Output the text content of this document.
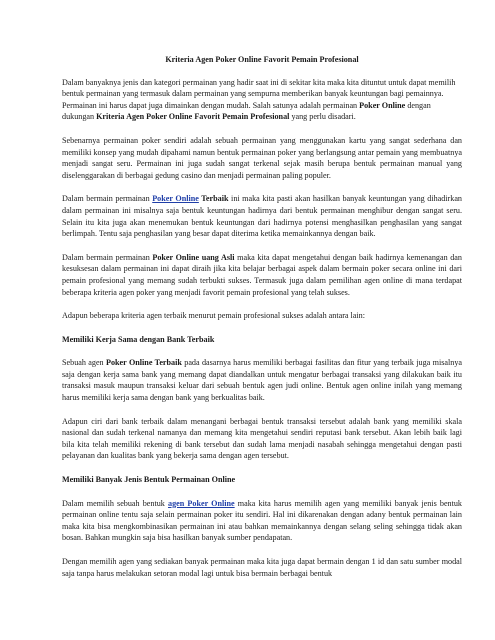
Kriteria Agen Poker Online Favorit Pemain Profesional

Dalam banyaknya jenis dan kategori permainan yang hadir saat ini di sekitar kita maka kita dituntut untuk dapat memilih bentuk permainan yang termasuk dalam permainan yang sempurna memberikan banyak keuntungan bagi pemainnya. Permainan ini harus dapat juga dimainkan dengan mudah. Salah satunya adalah permainan Poker Online dengan dukungan Kriteria Agen Poker Online Favorit Pemain Profesional yang perlu disadari.

Sebenarnya permainan poker sendiri adalah sebuah permainan yang menggunakan kartu yang sangat sederhana dan memiliki konsep yang mudah dipahami namun bentuk permainan poker yang berlangsung antar pemain yang membuatnya menjadi sangat seru. Permainan ini juga sudah sangat terkenal sejak masih berupa bentuk permainan manual yang diselenggarakan di berbagai gedung casino dan menjadi permainan paling populer.

Dalam bermain permainan Poker Online Terbaik ini maka kita pasti akan hasilkan banyak keuntungan yang dihadirkan dalam permainan ini misalnya saja bentuk keuntungan hadirnya dari bentuk permainan menghibur dengan sangat seru. Selain itu kita juga akan menemukan bentuk keuntungan dari hadirnya potensi menghasilkan penghasilan yang sangat berlimpah. Tentu saja penghasilan yang besar dapat diterima ketika memainkannya dengan baik.

Dalam bermain permainan Poker Online uang Asli maka kita dapat mengetahui dengan baik hadirnya kemenangan dan kesuksesan dalam permainan ini dapat diraih jika kita belajar berbagai aspek dalam bermain poker secara online ini dari pemain profesional yang memang sudah terbukti sukses. Termasuk juga dalam pemilihan agen online di mana terdapat beberapa kriteria agen poker yang menjadi favorit pemain profesional yang telah sukses.

Adapun beberapa kriteria agen terbaik menurut pemain profesional sukses adalah antara lain:

Memiliki Kerja Sama dengan Bank Terbaik

Sebuah agen Poker Online Terbaik pada dasarnya harus memiliki berbagai fasilitas dan fitur yang terbaik juga misalnya saja dengan kerja sama bank yang memang dapat diandalkan untuk mengatur berbagai transaksi yang dilakukan baik itu transaksi masuk maupun transaksi keluar dari sebuah bentuk agen judi online. Bentuk agen online inilah yang memang harus memiliki kerja sama dengan bank yang berkualitas baik.

Adapun ciri dari bank terbaik dalam menangani berbagai bentuk transaksi tersebut adalah bank yang memiliki skala nasional dan sudah terkenal namanya dan memang kita mengetahui sendiri reputasi bank tersebut. Akan lebih baik lagi bila kita telah memiliki rekening di bank tersebut dan sudah lama menjadi nasabah sehingga mengetahui dengan pasti pelayanan dan kualitas bank yang bekerja sama dengan agen tersebut.

Memiliki Banyak Jenis Bentuk Permainan Online

Dalam memilih sebuah bentuk agen Poker Online maka kita harus memilih agen yang memiliki banyak jenis bentuk permainan online tentu saja selain permainan poker itu sendiri. Hal ini dikarenakan dengan adany bentuk permainan lain maka kita bisa mengkombinasikan permainan ini atau bahkan memainkannya dengan selang seling sehingga tidak akan bosan. Bahkan mungkin saja bisa hasilkan banyak sumber pendapatan.

Dengan memilih agen yang sediakan banyak permainan maka kita juga dapat bermain dengan 1 id dan satu sumber modal saja tanpa harus melakukan setoran modal lagi untuk bisa bermain berbagai bentuk
